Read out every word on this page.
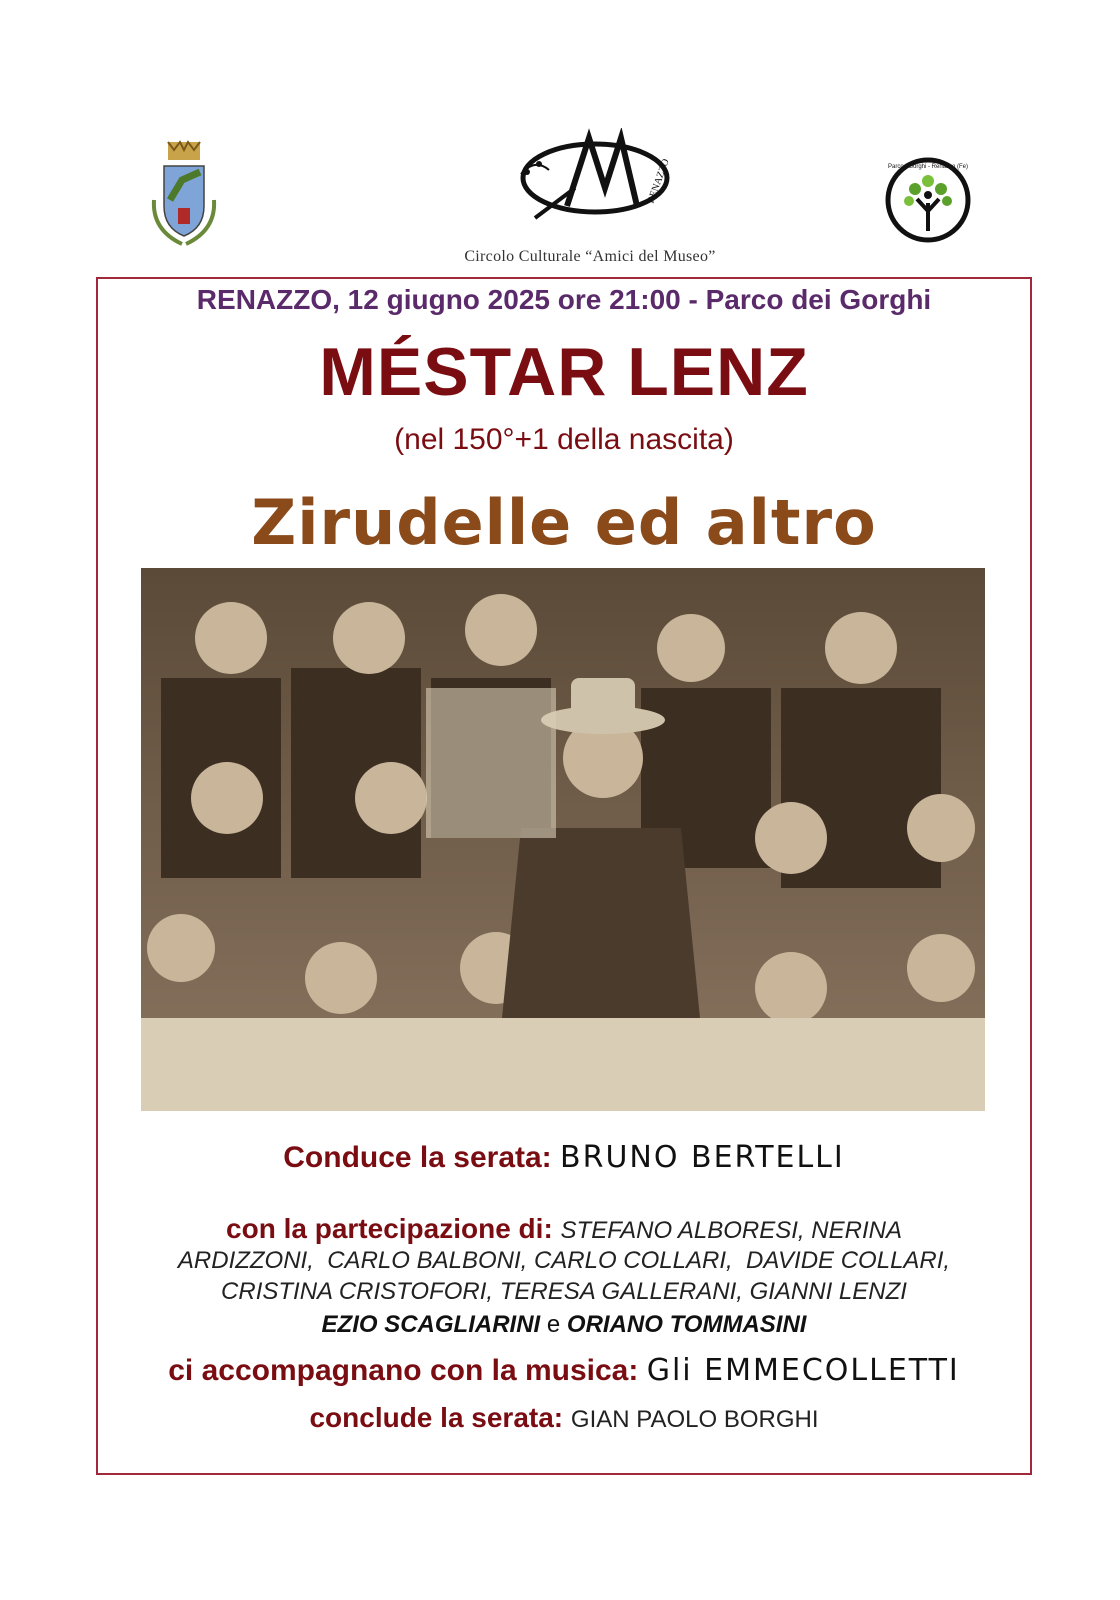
RENAZZO
Circolo Culturale “Amici del Museo”
Parco i Gorghi - Renazzo (Fe)
RENAZZO, 12 giugno 2025 ore 21:00 - Parco dei Gorghi
MÉSTAR LENZ
(nel 150°+1 della nascita)
Zirudelle ed altro
Conduce la serata: BRUNO BERTELLI
con la partecipazione di: STEFANO ALBORESI, NERINA
ARDIZZONI,  CARLO BALBONI, CARLO COLLARI,  DAVIDE COLLARI,
CRISTINA CRISTOFORI, TERESA GALLERANI, GIANNI LENZI
EZIO SCAGLIARINI e ORIANO TOMMASINI
ci accompagnano con la musica: Gli EMMECOLLETTI
conclude la serata: GIAN PAOLO BORGHI
